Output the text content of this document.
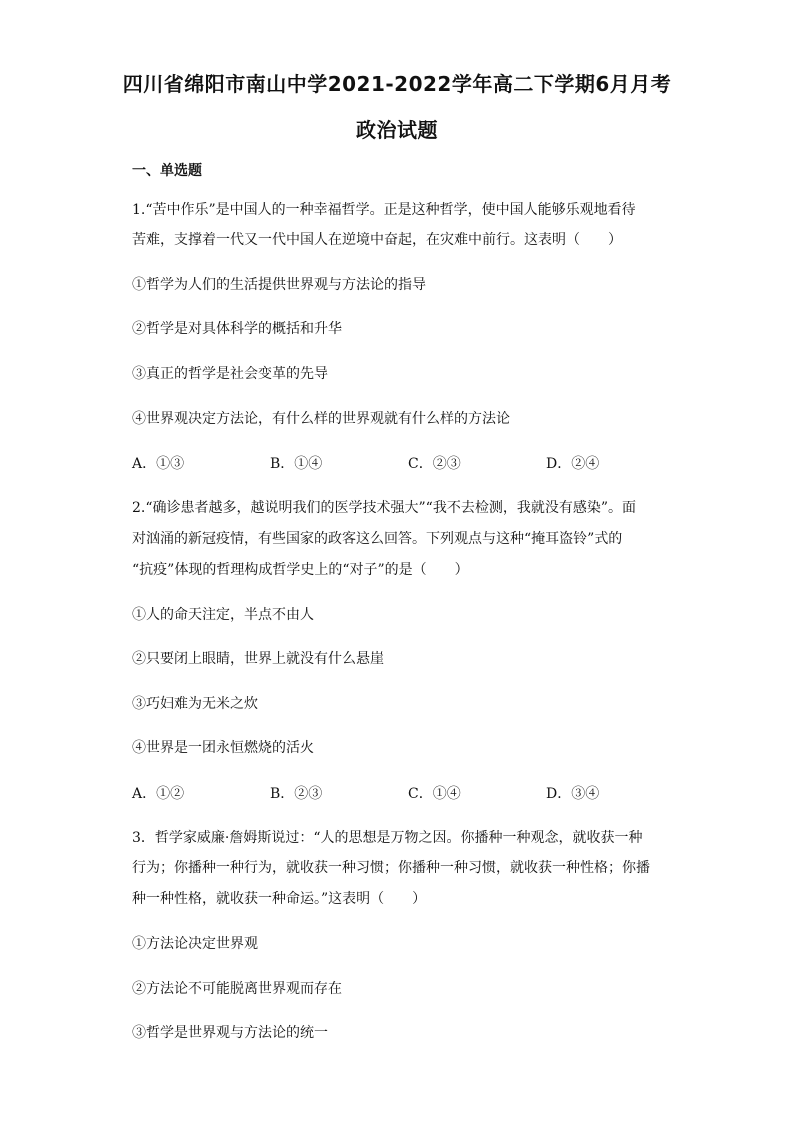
四川省绵阳市南山中学2021-2022学年高二下学期6月月考
政治试题
一、单选题
1.“苦中作乐”是中国人的一种幸福哲学。正是这种哲学，使中国人能够乐观地看待
苦难，支撑着一代又一代中国人在逆境中奋起，在灾难中前行。这表明（　　）
①哲学为人们的生活提供世界观与方法论的指导
②哲学是对具体科学的概括和升华
③真正的哲学是社会变革的先导
④世界观决定方法论，有什么样的世界观就有什么样的方法论
A．①③	B．①④	C．②③	D．②④
2.“确诊患者越多，越说明我们的医学技术强大”“我不去检测，我就没有感染”。面
对汹涌的新冠疫情，有些国家的政客这么回答。下列观点与这种“掩耳盗铃”式的
“抗疫”体现的哲理构成哲学史上的“对子”的是（　　）
①人的命天注定，半点不由人
②只要闭上眼睛，世界上就没有什么悬崖
③巧妇难为无米之炊
④世界是一团永恒燃烧的活火
A．①②	B．②③	C．①④	D．③④
3．哲学家威廉·詹姆斯说过：“人的思想是万物之因。你播种一种观念，就收获一种
行为；你播种一种行为，就收获一种习惯；你播种一种习惯，就收获一种性格；你播
种一种性格，就收获一种命运。”这表明（　　）
①方法论决定世界观
②方法论不可能脱离世界观而存在
③哲学是世界观与方法论的统一
